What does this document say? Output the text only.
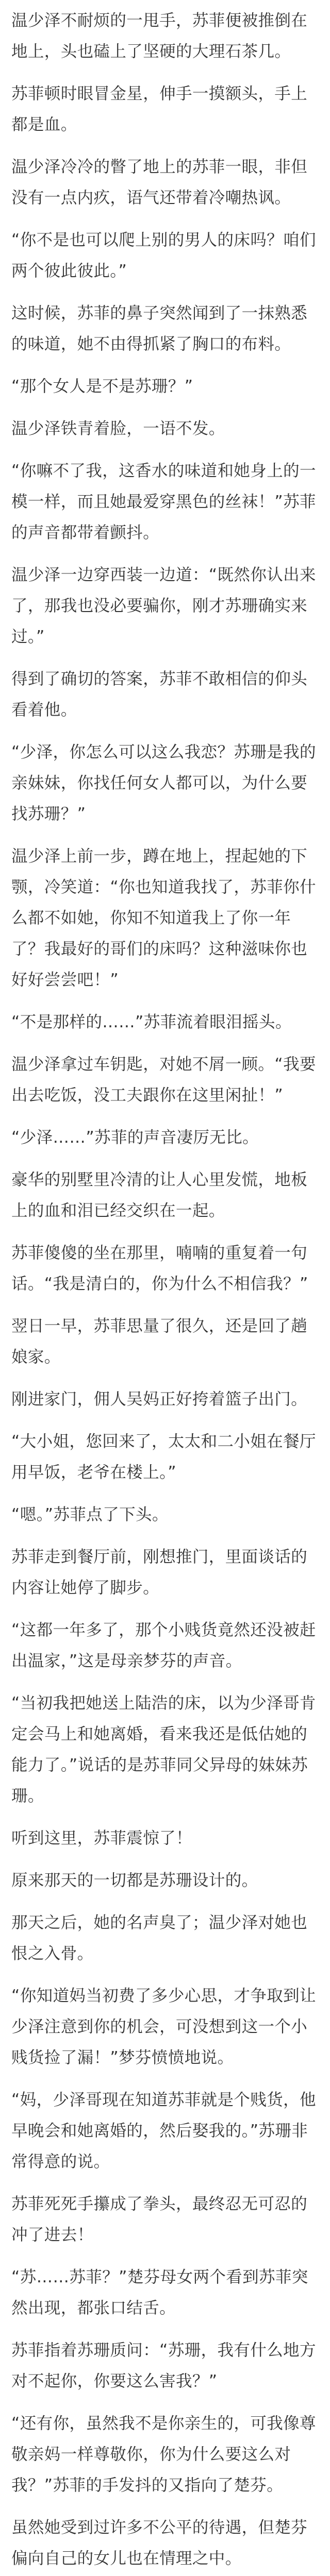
温少泽不耐烦的一甩手，苏菲便被推倒在地上，头也磕上了坚硬的大理石茶几。

苏菲顿时眼冒金星，伸手一摸额头，手上都是血。

温少泽冷冷的瞥了地上的苏菲一眼，非但没有一点内疚，语气还带着冷嘲热讽。

“你不是也可以爬上别的男人的床吗？咱们两个彼此彼此。”

这时候，苏菲的鼻子突然闻到了一抹熟悉的味道，她不由得抓紧了胸口的布料。

“那个女人是不是苏珊？”

温少泽铁青着脸，一语不发。

“你嘛不了我，这香水的味道和她身上的一模一样，而且她最爱穿黑色的丝袜！”苏菲的声音都带着颤抖。

温少泽一边穿西装一边道：“既然你认出来了，那我也没必要骗你，刚才苏珊确实来过。”

得到了确切的答案，苏菲不敢相信的仰头看着他。

“少泽，你怎么可以这么我恋？苏珊是我的亲妹妹，你找任何女人都可以，为什么要找苏珊？”

温少泽上前一步，蹲在地上，捏起她的下颚，冷笑道：“你也知道我找了，苏菲你什么都不如她，你知不知道我上了你一年了？我最好的哥们的床吗？这种滋味你也好好尝尝吧！”

“不是那样的……”苏菲流着眼泪摇头。

温少泽拿过车钥匙，对她不屑一顾。“我要出去吃饭，没工夫跟你在这里闲扯！”

“少泽……”苏菲的声音凄厉无比。

豪华的别墅里冷清的让人心里发慌，地板上的血和泪已经交织在一起。

苏菲傻傻的坐在那里，喃喃的重复着一句话。“我是清白的，你为什么不相信我？”

翌日一早，苏菲思量了很久，还是回了趟娘家。

刚进家门，佣人吴妈正好挎着篮子出门。

“大小姐，您回来了，太太和二小姐在餐厅用早饭，老爷在楼上。”

“嗯。”苏菲点了下头。

苏菲走到餐厅前，刚想推门，里面谈话的内容让她停了脚步。

“这都一年多了，那个小贱货竟然还没被赶出温家，”这是母亲梦芬的声音。

“当初我把她送上陆浩的床，以为少泽哥肯定会马上和她离婚，看来我还是低估她的能力了。”说话的是苏菲同父异母的妹妹苏珊。

听到这里，苏菲震惊了！

原来那天的一切都是苏珊设计的。

那天之后，她的名声臭了；温少泽对她也恨之入骨。

“你知道妈当初费了多少心思，才争取到让少泽注意到你的机会，可没想到这一个小贱货捡了漏！”梦芬愤愤地说。

“妈，少泽哥现在知道苏菲就是个贱货，他早晚会和她离婚的，然后娶我的。”苏珊非常得意的说。

苏菲死死手攥成了拳头，最终忍无可忍的冲了进去！

“苏……苏菲？”楚芬母女两个看到苏菲突然出现，都张口结舌。

苏菲指着苏珊质问：“苏珊，我有什么地方对不起你，你要这么害我？”

“还有你，虽然我不是你亲生的，可我像尊敬亲妈一样尊敬你，你为什么要这么对我？”苏菲的手发抖的又指向了楚芬。

虽然她受到过许多不公平的待遇，但楚芬偏向自己的女儿也在情理之中。
